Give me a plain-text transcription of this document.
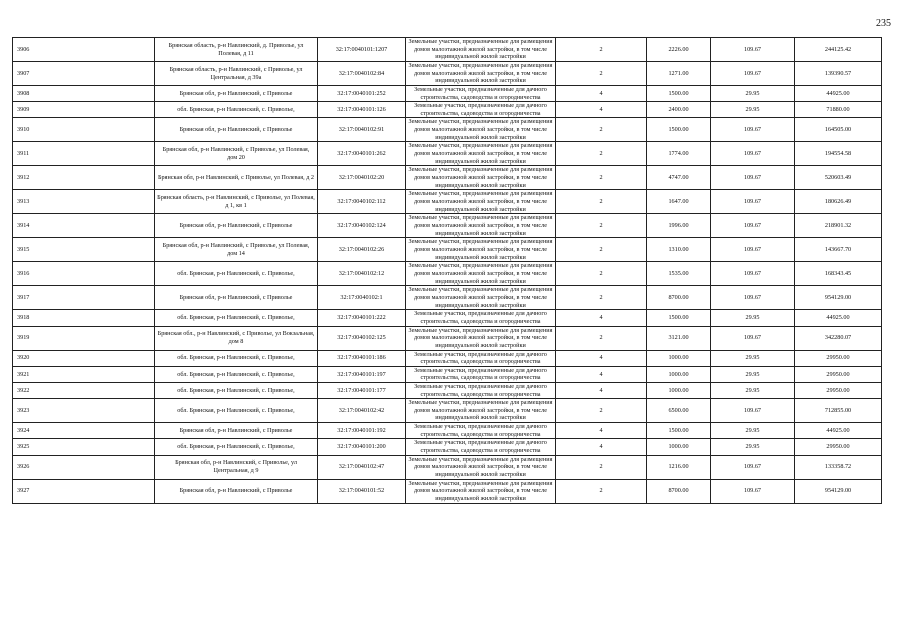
235
3906	Брянская область, р-н Навлинский, д. Приволье, ул Полевая, д 11	32:17:0040101:1207	Земельные участки, предназначенные для размещения домов малоэтажной жилой застройки, в том числе индивидуальной жилой застройки	2	2226.00	109.67	244125.42
3907	Брянская область, р-н Навлинский, с Приволье, ул Центральная, д 39а	32:17:0040102:84	Земельные участки, предназначенные для размещения домов малоэтажной жилой застройки, в том числе индивидуальной жилой застройки	2	1271.00	109.67	139390.57
3908	Брянская обл, р-н Навлинский, с Приволье	32:17:0040101:252	Земельные участки, предназначенные для дачного строительства, садоводства и огородничества	4	1500.00	29.95	44925.00
3909	обл. Брянская, р-н Навлинский, с. Приволье,	32:17:0040101:126	Земельные участки, предназначенные для дачного строительства, садоводства и огородничества	4	2400.00	29.95	71880.00
3910	Брянская обл, р-н Навлинский, с Приволье	32:17:0040102:91	Земельные участки, предназначенные для размещения домов малоэтажной жилой застройки, в том числе индивидуальной жилой застройки	2	1500.00	109.67	164505.00
3911	Брянская обл, р-н Навлинский, с Приволье, ул Полевая, дом 20	32:17:0040101:262	Земельные участки, предназначенные для размещения домов малоэтажной жилой застройки, в том числе индивидуальной жилой застройки	2	1774.00	109.67	194554.58
3912	Брянская обл, р-н Навлинский, с Приволье, ул Полевая, д 2	32:17:0040102:20	Земельные участки, предназначенные для размещения домов малоэтажной жилой застройки, в том числе индивидуальной жилой застройки	2	4747.00	109.67	520603.49
3913	Брянская область, р-н Навлинский, с Приволье, ул Полевая, д 1, кв 1	32:17:0040102:112	Земельные участки, предназначенные для размещения домов малоэтажной жилой застройки, в том числе индивидуальной жилой застройки	2	1647.00	109.67	180626.49
3914	Брянская обл, р-н Навлинский, с Приволье	32:17:0040102:124	Земельные участки, предназначенные для размещения домов малоэтажной жилой застройки, в том числе индивидуальной жилой застройки	2	1996.00	109.67	218901.32
3915	Брянская обл, р-н Навлинский, с Приволье, ул Полевая, дом 14	32:17:0040102:26	Земельные участки, предназначенные для размещения домов малоэтажной жилой застройки, в том числе индивидуальной жилой застройки	2	1310.00	109.67	143667.70
3916	обл. Брянская, р-н Навлинский, с. Приволье,	32:17:0040102:12	Земельные участки, предназначенные для размещения домов малоэтажной жилой застройки, в том числе индивидуальной жилой застройки	2	1535.00	109.67	168343.45
3917	Брянская обл, р-н Навлинский, с Приволье	32:17:0040102:1	Земельные участки, предназначенные для размещения домов малоэтажной жилой застройки, в том числе индивидуальной жилой застройки	2	8700.00	109.67	954129.00
3918	обл. Брянская, р-н Навлинский, с. Приволье,	32:17:0040101:222	Земельные участки, предназначенные для дачного строительства, садоводства и огородничества	4	1500.00	29.95	44925.00
3919	Брянская обл., р-н Навлинский, с Приволье, ул Вокзальная, дом 8	32:17:0040102:125	Земельные участки, предназначенные для размещения домов малоэтажной жилой застройки, в том числе индивидуальной жилой застройки	2	3121.00	109.67	342280.07
3920	обл. Брянская, р-н Навлинский, с. Приволье,	32:17:0040101:186	Земельные участки, предназначенные для дачного строительства, садоводства и огородничества	4	1000.00	29.95	29950.00
3921	обл. Брянская, р-н Навлинский, с. Приволье,	32:17:0040101:197	Земельные участки, предназначенные для дачного строительства, садоводства и огородничества	4	1000.00	29.95	29950.00
3922	обл. Брянская, р-н Навлинский, с. Приволье,	32:17:0040101:177	Земельные участки, предназначенные для дачного строительства, садоводства и огородничества	4	1000.00	29.95	29950.00
3923	обл. Брянская, р-н Навлинский, с. Приволье,	32:17:0040102:42	Земельные участки, предназначенные для размещения домов малоэтажной жилой застройки, в том числе индивидуальной жилой застройки	2	6500.00	109.67	712855.00
3924	Брянская обл, р-н Навлинский, с Приволье	32:17:0040101:192	Земельные участки, предназначенные для дачного строительства, садоводства и огородничества	4	1500.00	29.95	44925.00
3925	обл. Брянская, р-н Навлинский, с. Приволье,	32:17:0040101:200	Земельные участки, предназначенные для дачного строительства, садоводства и огородничества	4	1000.00	29.95	29950.00
3926	Брянская обл, р-н Навлинский, с Приволье, ул Центральная, д 9	32:17:0040102:47	Земельные участки, предназначенные для размещения домов малоэтажной жилой застройки, в том числе индивидуальной жилой застройки	2	1216.00	109.67	133358.72
3927	Брянская обл, р-н Навлинский, с Приволье	32:17:0040101:52	Земельные участки, предназначенные для размещения домов малоэтажной жилой застройки, в том числе индивидуальной жилой застройки	2	8700.00	109.67	954129.00
